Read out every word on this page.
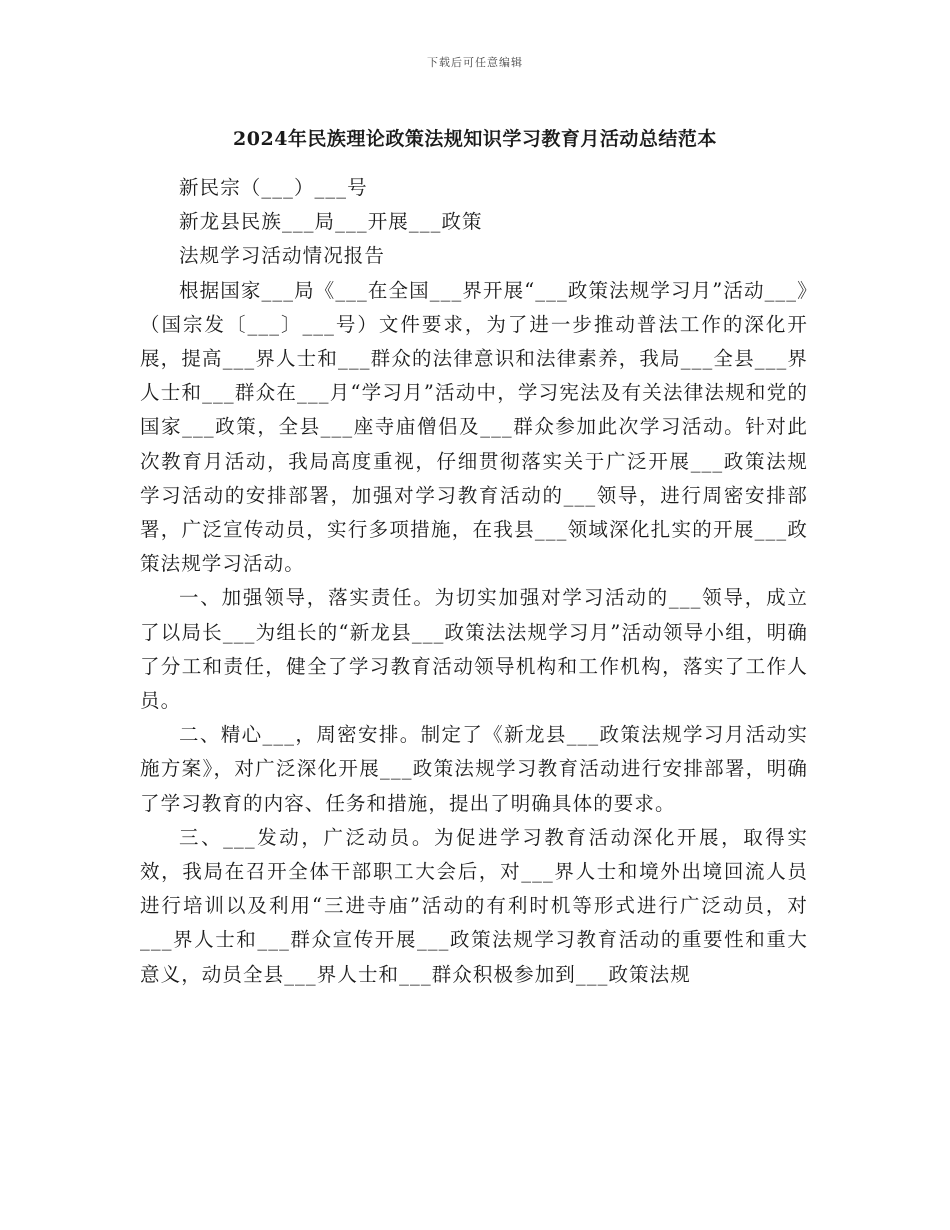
下载后可任意编辑
2024年民族理论政策法规知识学习教育月活动总结范本

新民宗（___）___号

新龙县民族___局___开展___政策

法规学习活动情况报告

根据国家___局《___在全国___界开展“___政策法规学习月”活动___》（国宗发〔___〕___号）文件要求，为了进一步推动普法工作的深化开展，提高___界人士和___群众的法律意识和法律素养，我局___全县___界人士和___群众在___月“学习月”活动中，学习宪法及有关法律法规和党的国家___政策，全县___座寺庙僧侣及___群众参加此次学习活动。针对此次教育月活动，我局高度重视，仔细贯彻落实关于广泛开展___政策法规学习活动的安排部署，加强对学习教育活动的___领导，进行周密安排部署，广泛宣传动员，实行多项措施，在我县___领域深化扎实的开展___政策法规学习活动。

一、加强领导，落实责任。为切实加强对学习活动的___领导，成立了以局长___为组长的“新龙县___政策法法规学习月”活动领导小组，明确了分工和责任，健全了学习教育活动领导机构和工作机构，落实了工作人员。

二、精心___，周密安排。制定了《新龙县___政策法规学习月活动实施方案》，对广泛深化开展___政策法规学习教育活动进行安排部署，明确了学习教育的内容、任务和措施，提出了明确具体的要求。

三、___发动，广泛动员。为促进学习教育活动深化开展，取得实效，我局在召开全体干部职工大会后，对___界人士和境外出境回流人员进行培训以及利用“三进寺庙”活动的有利时机等形式进行广泛动员，对___界人士和___群众宣传开展___政策法规学习教育活动的重要性和重大意义，动员全县___界人士和___群众积极参加到___政策法规
